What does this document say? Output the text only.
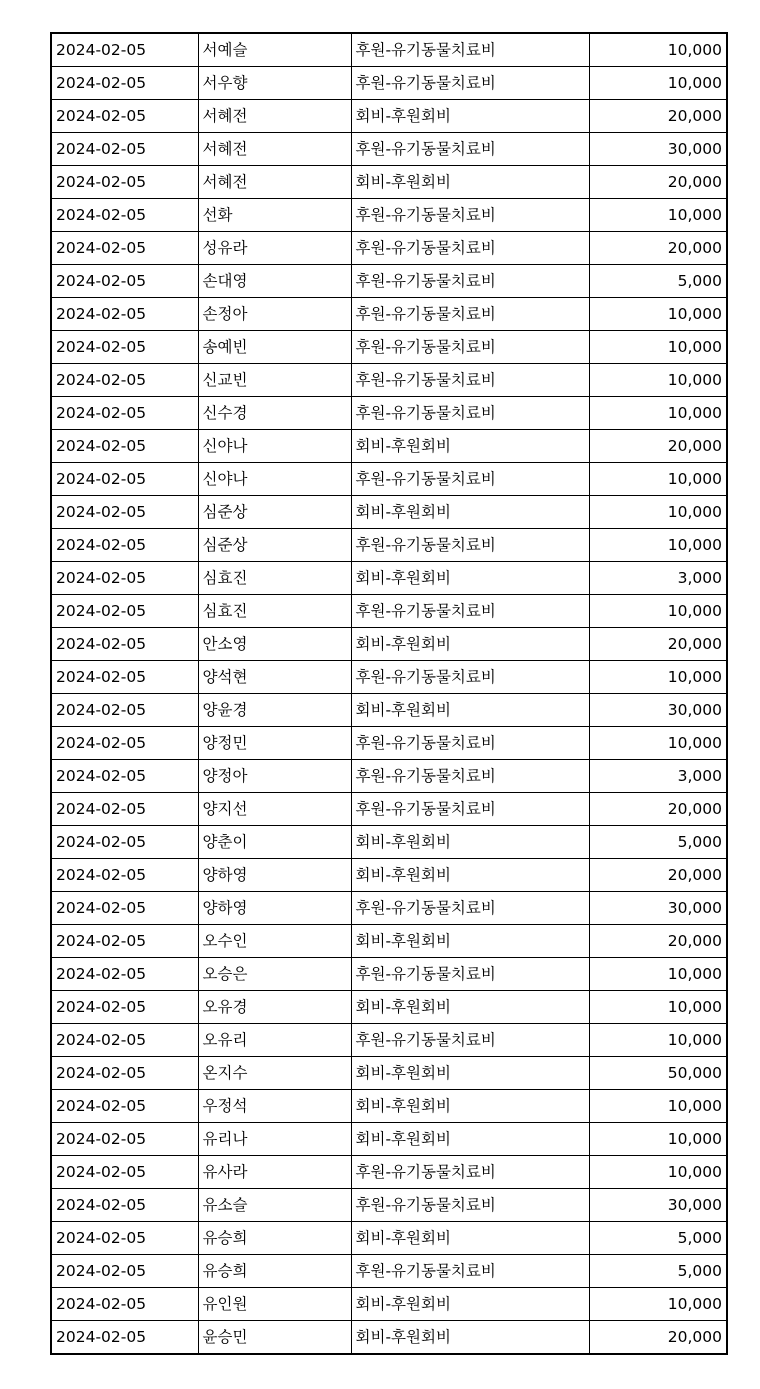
2024-02-05	서예슬	후원-유기동물치료비	10,000
2024-02-05	서우향	후원-유기동물치료비	10,000
2024-02-05	서혜전	회비-후원회비	20,000
2024-02-05	서혜전	후원-유기동물치료비	30,000
2024-02-05	서혜전	회비-후원회비	20,000
2024-02-05	선화	후원-유기동물치료비	10,000
2024-02-05	성유라	후원-유기동물치료비	20,000
2024-02-05	손대영	후원-유기동물치료비	5,000
2024-02-05	손정아	후원-유기동물치료비	10,000
2024-02-05	송예빈	후원-유기동물치료비	10,000
2024-02-05	신교빈	후원-유기동물치료비	10,000
2024-02-05	신수경	후원-유기동물치료비	10,000
2024-02-05	신야나	회비-후원회비	20,000
2024-02-05	신야나	후원-유기동물치료비	10,000
2024-02-05	심준상	회비-후원회비	10,000
2024-02-05	심준상	후원-유기동물치료비	10,000
2024-02-05	심효진	회비-후원회비	3,000
2024-02-05	심효진	후원-유기동물치료비	10,000
2024-02-05	안소영	회비-후원회비	20,000
2024-02-05	양석현	후원-유기동물치료비	10,000
2024-02-05	양윤경	회비-후원회비	30,000
2024-02-05	양정민	후원-유기동물치료비	10,000
2024-02-05	양정아	후원-유기동물치료비	3,000
2024-02-05	양지선	후원-유기동물치료비	20,000
2024-02-05	양춘이	회비-후원회비	5,000
2024-02-05	양하영	회비-후원회비	20,000
2024-02-05	양하영	후원-유기동물치료비	30,000
2024-02-05	오수인	회비-후원회비	20,000
2024-02-05	오승은	후원-유기동물치료비	10,000
2024-02-05	오유경	회비-후원회비	10,000
2024-02-05	오유리	후원-유기동물치료비	10,000
2024-02-05	온지수	회비-후원회비	50,000
2024-02-05	우정석	회비-후원회비	10,000
2024-02-05	유리나	회비-후원회비	10,000
2024-02-05	유사라	후원-유기동물치료비	10,000
2024-02-05	유소슬	후원-유기동물치료비	30,000
2024-02-05	유승희	회비-후원회비	5,000
2024-02-05	유승희	후원-유기동물치료비	5,000
2024-02-05	유인원	회비-후원회비	10,000
2024-02-05	윤승민	회비-후원회비	20,000
